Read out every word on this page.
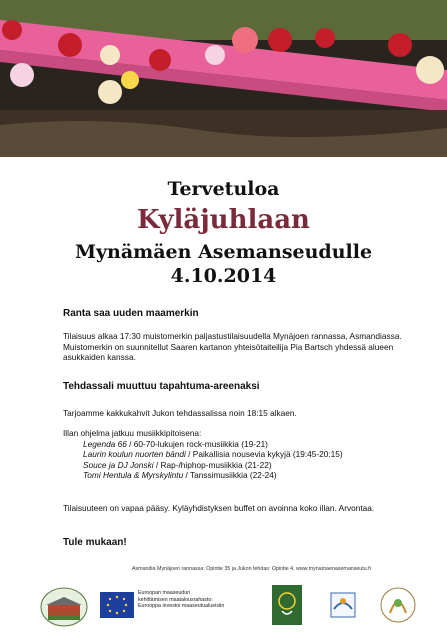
Tervetuloa
Kyläjuhlaan
Mynämäen Asemanseudulle
4.10.2014
Ranta saa uuden maamerkin
Tilaisuus alkaa 17:30 muistomerkin paljastustilaisuudella Mynäjoen rannassa, Asmandiassa. Muistomerkin on suunnitellut Saaren kartanon yhteisötaiteilija Pia Bartsch yhdessä alueen asukkaiden kanssa.
Tehdassali muuttuu tapahtuma-areenaksi
Tarjoamme kakkukahvit Jukon tehdassalissa noin 18:15 alkaen.
Illan ohjelma jatkuu musiikkipitoisena:
Legenda 66 / 60-70-lukujen rock-musiikkia (19-21)
Laurin koulun nuorten bändi / Paikallisia nousevia kykyjä (19:45-20:15)
Souce ja DJ Jonski / Rap-/hiphop-musiikkia (21-22)
Tomi Hentula & Myrskylintu / Tanssimusiikkia (22-24)
Tilaisuuteen on vapaa pääsy. Kyläyhdistyksen buffet on avoinna koko illan. Arvontaa.
Tule mukaan!
Asmandia Mynäjoen rannassa: Opintie 35 ja Jukon tehdas: Opintie 4. www.mynamaenasemanseutu.fi
Euroopan maaseudun
kehittämisen maatalousrahasto:
Eurooppa investoi maaseutualueisiin
